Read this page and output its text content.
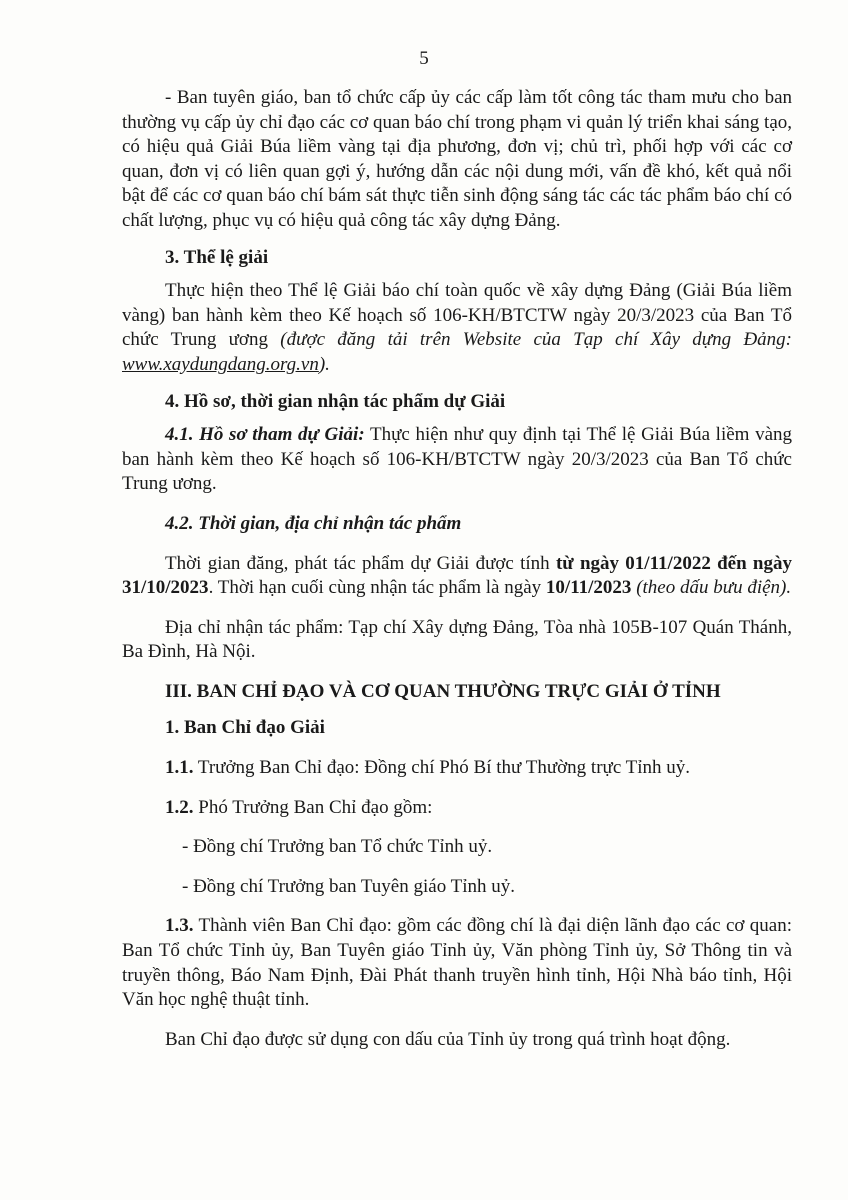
5

- Ban tuyên giáo, ban tổ chức cấp ủy các cấp làm tốt công tác tham mưu cho ban thường vụ cấp ủy chỉ đạo các cơ quan báo chí trong phạm vi quản lý triển khai sáng tạo, có hiệu quả Giải Búa liềm vàng tại địa phương, đơn vị; chủ trì, phối hợp với các cơ quan, đơn vị có liên quan gợi ý, hướng dẫn các nội dung mới, vấn đề khó, kết quả nổi bật để các cơ quan báo chí bám sát thực tiễn sinh động sáng tác các tác phẩm báo chí có chất lượng, phục vụ có hiệu quả công tác xây dựng Đảng.

3. Thể lệ giải

Thực hiện theo Thể lệ Giải báo chí toàn quốc về xây dựng Đảng (Giải Búa liềm vàng) ban hành kèm theo Kế hoạch số 106-KH/BTCTW ngày 20/3/2023 của Ban Tổ chức Trung ương (được đăng tải trên Website của Tạp chí Xây dựng Đảng: www.xaydungdang.org.vn).

4. Hồ sơ, thời gian nhận tác phẩm dự Giải

4.1. Hồ sơ tham dự Giải: Thực hiện như quy định tại Thể lệ Giải Búa liềm vàng ban hành kèm theo Kế hoạch số 106-KH/BTCTW ngày 20/3/2023 của Ban Tổ chức Trung ương.

4.2. Thời gian, địa chỉ nhận tác phẩm

Thời gian đăng, phát tác phẩm dự Giải được tính từ ngày 01/11/2022 đến ngày 31/10/2023. Thời hạn cuối cùng nhận tác phẩm là ngày 10/11/2023 (theo dấu bưu điện).

Địa chỉ nhận tác phẩm: Tạp chí Xây dựng Đảng, Tòa nhà 105B-107 Quán Thánh, Ba Đình, Hà Nội.

III. BAN CHỈ ĐẠO VÀ CƠ QUAN THƯỜNG TRỰC GIẢI Ở TỈNH

1. Ban Chỉ đạo Giải

1.1. Trưởng Ban Chỉ đạo: Đồng chí Phó Bí thư Thường trực Tỉnh uỷ.

1.2. Phó Trưởng Ban Chỉ đạo gồm:

- Đồng chí Trưởng ban Tổ chức Tỉnh uỷ.

- Đồng chí Trưởng ban Tuyên giáo Tỉnh uỷ.

1.3. Thành viên Ban Chỉ đạo: gồm các đồng chí là đại diện lãnh đạo các cơ quan: Ban Tổ chức Tỉnh ủy, Ban Tuyên giáo Tỉnh ủy, Văn phòng Tỉnh ủy, Sở Thông tin và truyền thông, Báo Nam Định, Đài Phát thanh truyền hình tỉnh, Hội Nhà báo tỉnh, Hội Văn học nghệ thuật tỉnh.

Ban Chỉ đạo được sử dụng con dấu của Tỉnh ủy trong quá trình hoạt động.
